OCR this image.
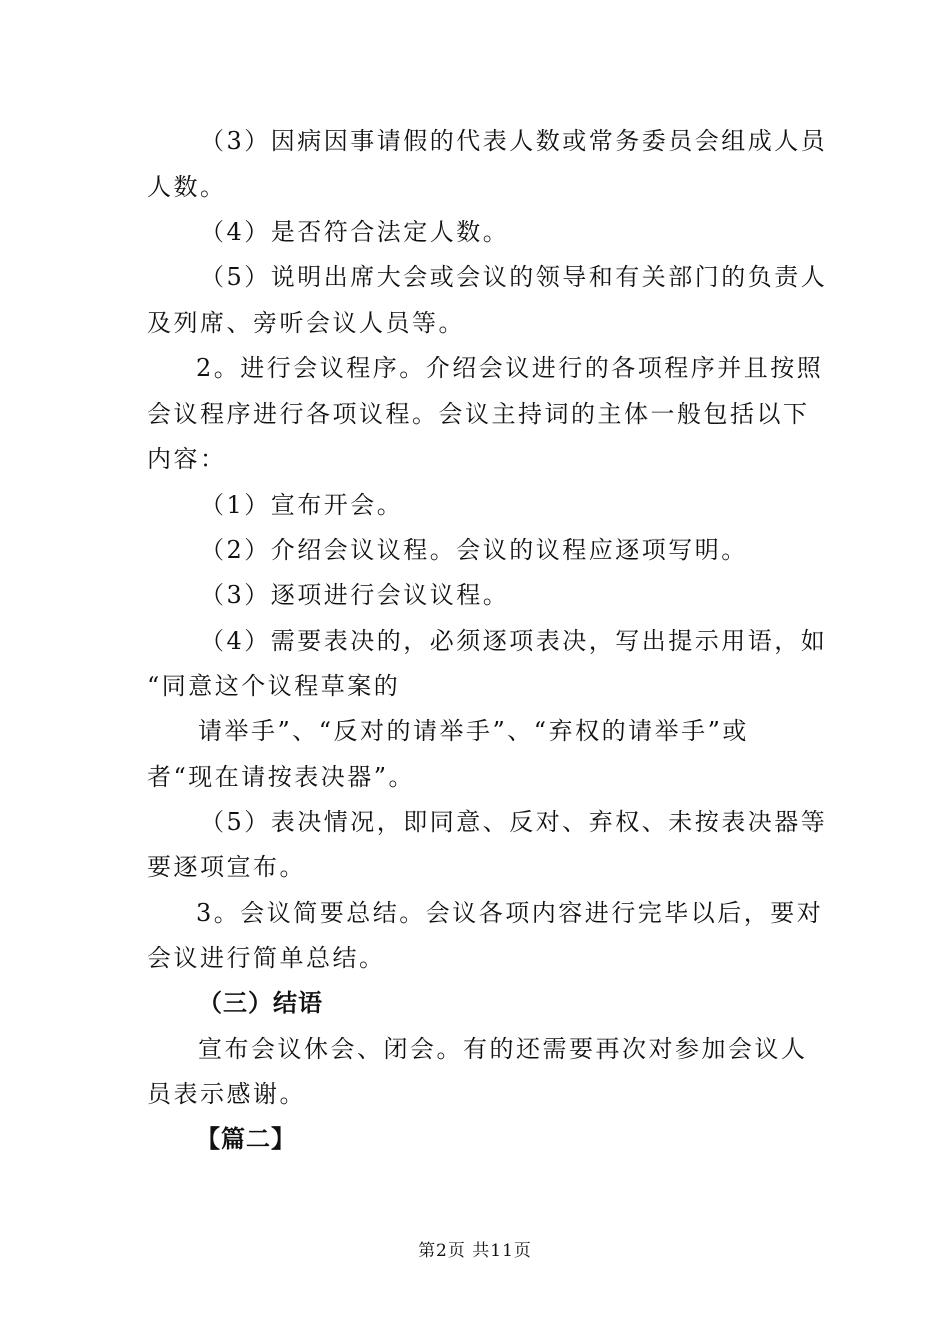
（3）因病因事请假的代表人数或常务委员会组成人员
人数。
（4）是否符合法定人数。
（5）说明出席大会或会议的领导和有关部门的负责人
及列席、旁听会议人员等。
2。进行会议程序。介绍会议进行的各项程序并且按照
会议程序进行各项议程。会议主持词的主体一般包括以下
内容：
（1）宣布开会。
（2）介绍会议议程。会议的议程应逐项写明。
（3）逐项进行会议议程。
（4）需要表决的，必须逐项表决，写出提示用语，如
“同意这个议程草案的
请举手”、“反对的请举手”、“弃权的请举手”或
者“现在请按表决器”。
（5）表决情况，即同意、反对、弃权、未按表决器等
要逐项宣布。
3。会议简要总结。会议各项内容进行完毕以后，要对
会议进行简单总结。
（三）结语
宣布会议休会、闭会。有的还需要再次对参加会议人
员表示感谢。
【篇二】
第2页 共11页
